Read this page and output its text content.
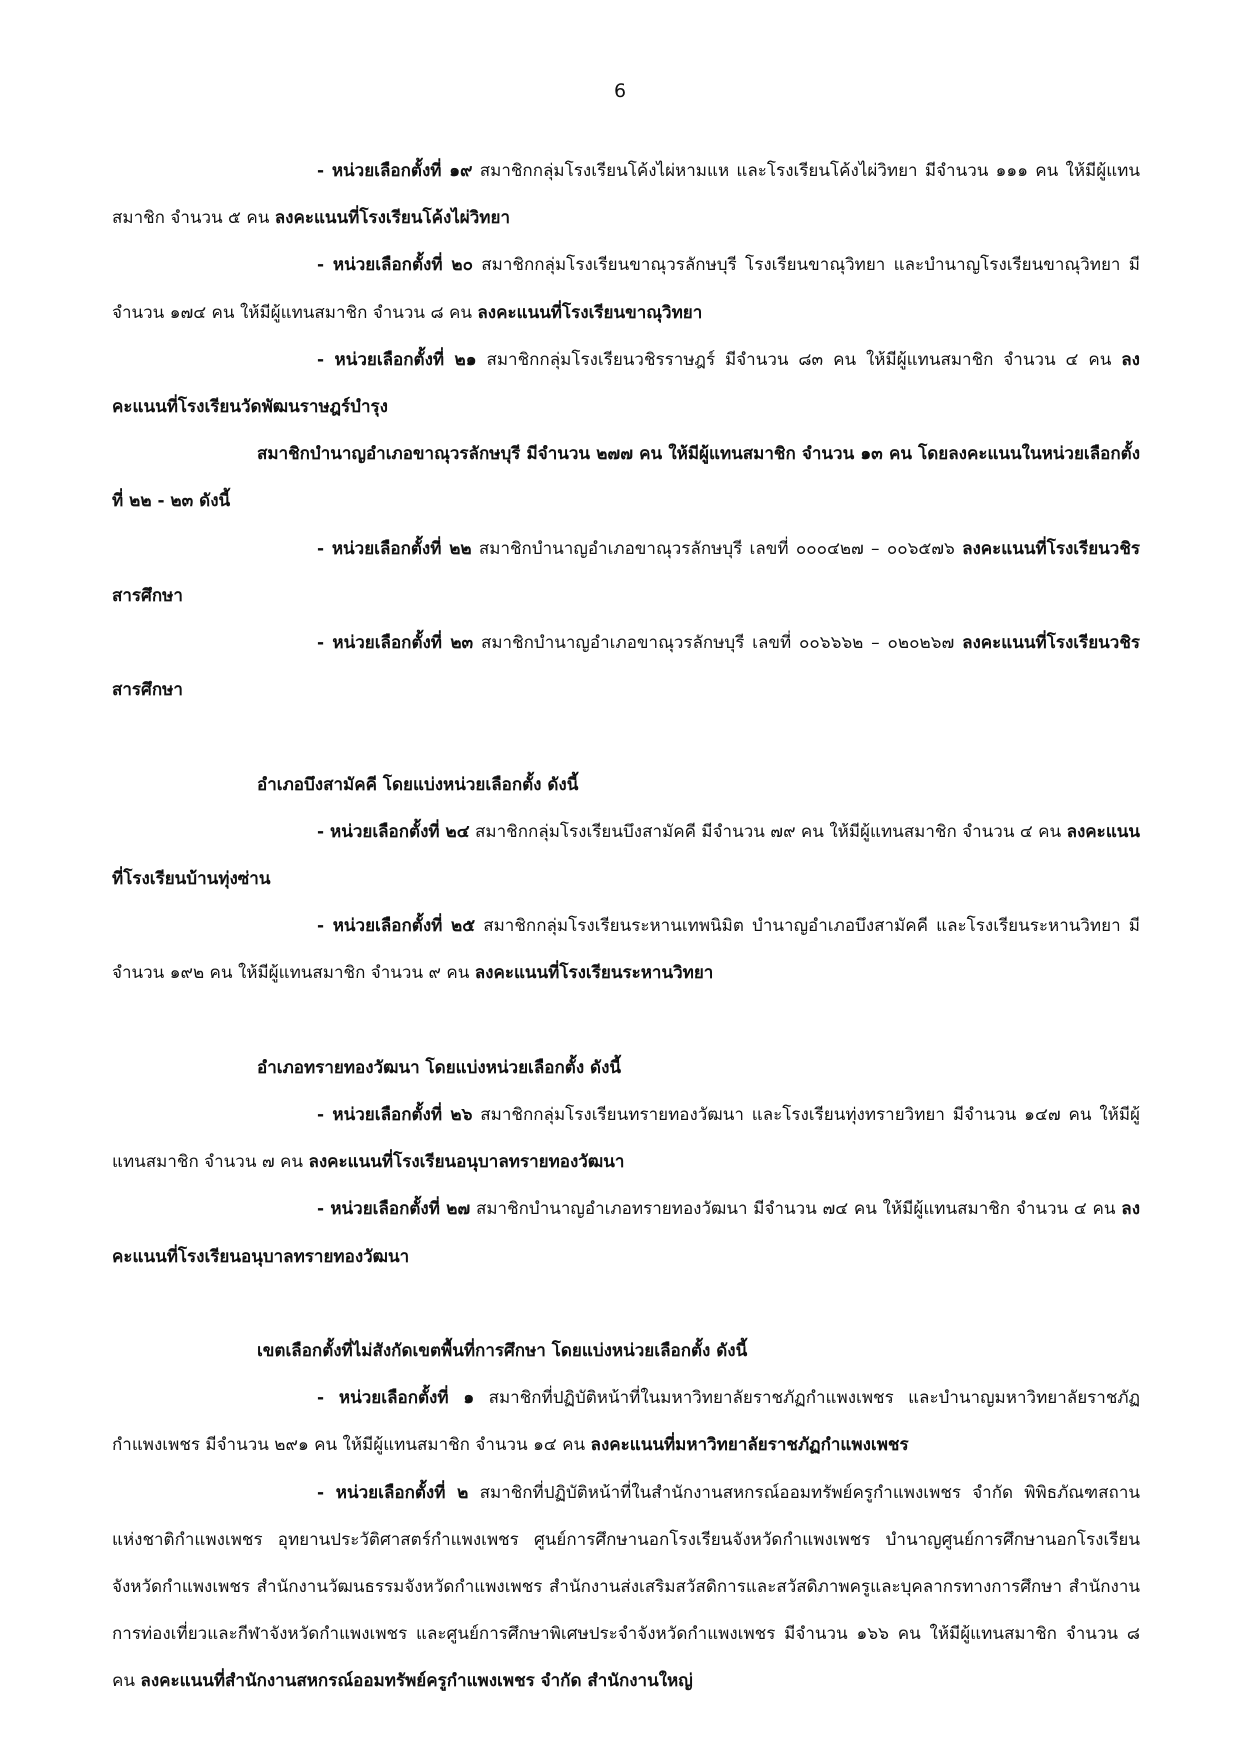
6

- หน่วยเลือกตั้งที่ ๑๙ สมาชิกกลุ่มโรงเรียนโค้งไผ่หามแห และโรงเรียนโค้งไผ่วิทยา มีจำนวน ๑๑๑ คน ให้มีผู้แทนสมาชิก จำนวน ๕ คน ลงคะแนนที่โรงเรียนโค้งไผ่วิทยา

- หน่วยเลือกตั้งที่ ๒๐ สมาชิกกลุ่มโรงเรียนขาณุวรลักษบุรี โรงเรียนขาณุวิทยา และบำนาญโรงเรียนขาณุวิทยา มีจำนวน ๑๗๔ คน ให้มีผู้แทนสมาชิก จำนวน ๘ คน ลงคะแนนที่โรงเรียนขาณุวิทยา

- หน่วยเลือกตั้งที่ ๒๑ สมาชิกกลุ่มโรงเรียนวชิรราษฎร์ มีจำนวน ๘๓ คน ให้มีผู้แทนสมาชิก จำนวน ๔ คน ลงคะแนนที่โรงเรียนวัดพัฒนราษฎร์บำรุง

สมาชิกบำนาญอำเภอขาณุวรลักษบุรี มีจำนวน ๒๗๗ คน ให้มีผู้แทนสมาชิก จำนวน ๑๓ คน โดยลงคะแนนในหน่วยเลือกตั้งที่ ๒๒ - ๒๓ ดังนี้

- หน่วยเลือกตั้งที่ ๒๒ สมาชิกบำนาญอำเภอขาณุวรลักษบุรี เลขที่ ๐๐๐๔๒๗ – ๐๐๖๕๗๖ ลงคะแนนที่โรงเรียนวชิรสารศึกษา

- หน่วยเลือกตั้งที่ ๒๓ สมาชิกบำนาญอำเภอขาณุวรลักษบุรี เลขที่ ๐๐๖๖๖๒ – ๐๒๐๒๖๗ ลงคะแนนที่โรงเรียนวชิรสารศึกษา

อำเภอบึงสามัคคี โดยแบ่งหน่วยเลือกตั้ง ดังนี้

- หน่วยเลือกตั้งที่ ๒๔ สมาชิกกลุ่มโรงเรียนบึงสามัคคี มีจำนวน ๗๙ คน ให้มีผู้แทนสมาชิก จำนวน ๔ คน ลงคะแนนที่โรงเรียนบ้านทุ่งซ่าน

- หน่วยเลือกตั้งที่ ๒๕ สมาชิกกลุ่มโรงเรียนระหานเทพนิมิต บำนาญอำเภอบึงสามัคคี และโรงเรียนระหานวิทยา มีจำนวน ๑๙๒ คน ให้มีผู้แทนสมาชิก จำนวน ๙ คน ลงคะแนนที่โรงเรียนระหานวิทยา

อำเภอทรายทองวัฒนา โดยแบ่งหน่วยเลือกตั้ง ดังนี้

- หน่วยเลือกตั้งที่ ๒๖ สมาชิกกลุ่มโรงเรียนทรายทองวัฒนา และโรงเรียนทุ่งทรายวิทยา มีจำนวน ๑๔๗ คน ให้มีผู้แทนสมาชิก จำนวน ๗ คน ลงคะแนนที่โรงเรียนอนุบาลทรายทองวัฒนา

- หน่วยเลือกตั้งที่ ๒๗ สมาชิกบำนาญอำเภอทรายทองวัฒนา มีจำนวน ๗๔ คน ให้มีผู้แทนสมาชิก จำนวน ๔ คน ลงคะแนนที่โรงเรียนอนุบาลทรายทองวัฒนา

เขตเลือกตั้งที่ไม่สังกัดเขตพื้นที่การศึกษา โดยแบ่งหน่วยเลือกตั้ง ดังนี้

- หน่วยเลือกตั้งที่ ๑ สมาชิกที่ปฏิบัติหน้าที่ในมหาวิทยาลัยราชภัฏกำแพงเพชร และบำนาญมหาวิทยาลัยราชภัฏกำแพงเพชร มีจำนวน ๒๙๑ คน ให้มีผู้แทนสมาชิก จำนวน ๑๔ คน ลงคะแนนที่มหาวิทยาลัยราชภัฏกำแพงเพชร

- หน่วยเลือกตั้งที่ ๒ สมาชิกที่ปฏิบัติหน้าที่ในสำนักงานสหกรณ์ออมทรัพย์ครูกำแพงเพชร จำกัด พิพิธภัณฑสถานแห่งชาติกำแพงเพชร อุทยานประวัติศาสตร์กำแพงเพชร ศูนย์การศึกษานอกโรงเรียนจังหวัดกำแพงเพชร บำนาญศูนย์การศึกษานอกโรงเรียนจังหวัดกำแพงเพชร สำนักงานวัฒนธรรมจังหวัดกำแพงเพชร สำนักงานส่งเสริมสวัสดิการและสวัสดิภาพครูและบุคลากรทางการศึกษา สำนักงานการท่องเที่ยวและกีฬาจังหวัดกำแพงเพชร และศูนย์การศึกษาพิเศษประจำจังหวัดกำแพงเพชร มีจำนวน ๑๖๖ คน ให้มีผู้แทนสมาชิก จำนวน ๘ คน ลงคะแนนที่สำนักงานสหกรณ์ออมทรัพย์ครูกำแพงเพชร จำกัด สำนักงานใหญ่
